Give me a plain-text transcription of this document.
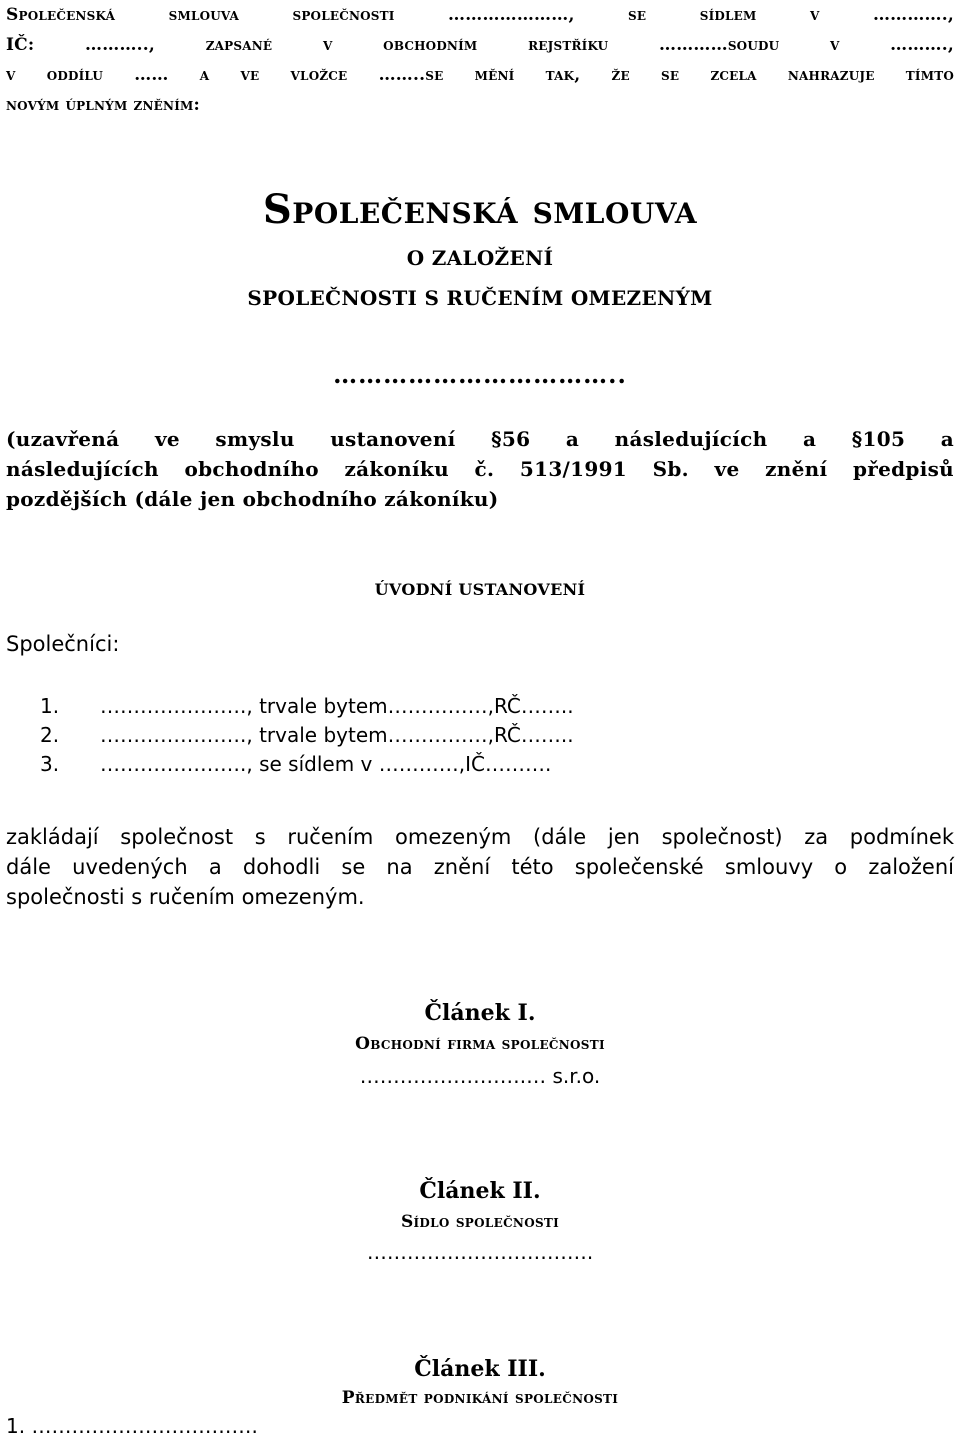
Společenská smlouva společnosti …………………, se sídlem v ………….,
IČ: ……….., zapsané v obchodním rejstříku …………soudu v ……….,
v oddílu …… a ve vložce ……..se mění tak, že se zcela nahrazuje tímto
novým úplným zněním:
Společenská smlouva
O ZALOŽENÍ
SPOLEČNOSTI S RUČENÍM OMEZENÝM
……………………………..
(uzavřená ve smyslu ustanovení §56 a následujících a §105 a
následujících obchodního zákoníku č. 513/1991 Sb. ve znění předpisů
pozdějších (dále jen obchodního zákoníku)
ÚVODNÍ USTANOVENÍ
Společníci:
1. …………………., trvale bytem……………,RČ……..
2. …………………., trvale bytem……………,RČ……..
3. …………………., se sídlem v …………,IČ……….
zakládají společnost s ručením omezeným (dále jen společnost) za podmínek
dále uvedených a dohodli se na znění této společenské smlouvy o založení
společnosti s ručením omezeným.
Článek I.
Obchodní firma společnosti
…………………….… s.r.o.
Článek II.
Sídlo společnosti
…………………………….
Článek III.
Předmět podnikání společnosti
1. …………………………….
